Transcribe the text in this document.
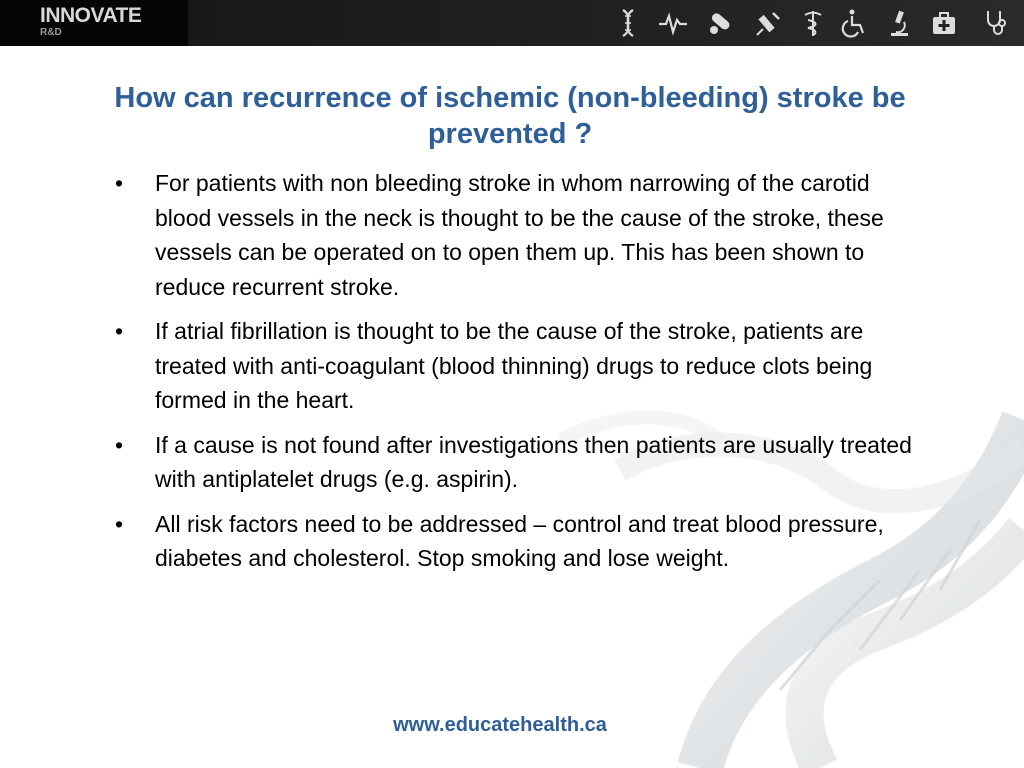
INNOVATE
R&D
How can recurrence of ischemic (non-bleeding) stroke be prevented ?
• For patients with non bleeding stroke in whom narrowing of the carotid blood vessels in the neck is thought to be the cause of the stroke, these vessels can be operated on to open them up. This has been shown to reduce recurrent stroke.
• If atrial fibrillation is thought to be the cause of the stroke, patients are treated with anti-coagulant (blood thinning) drugs to reduce clots being formed in the heart.
• If a cause is not found after investigations then patients are usually treated with antiplatelet drugs (e.g. aspirin).
• All risk factors need to be addressed – control and treat blood pressure, diabetes and cholesterol. Stop smoking and lose weight.
www.educatehealth.ca
